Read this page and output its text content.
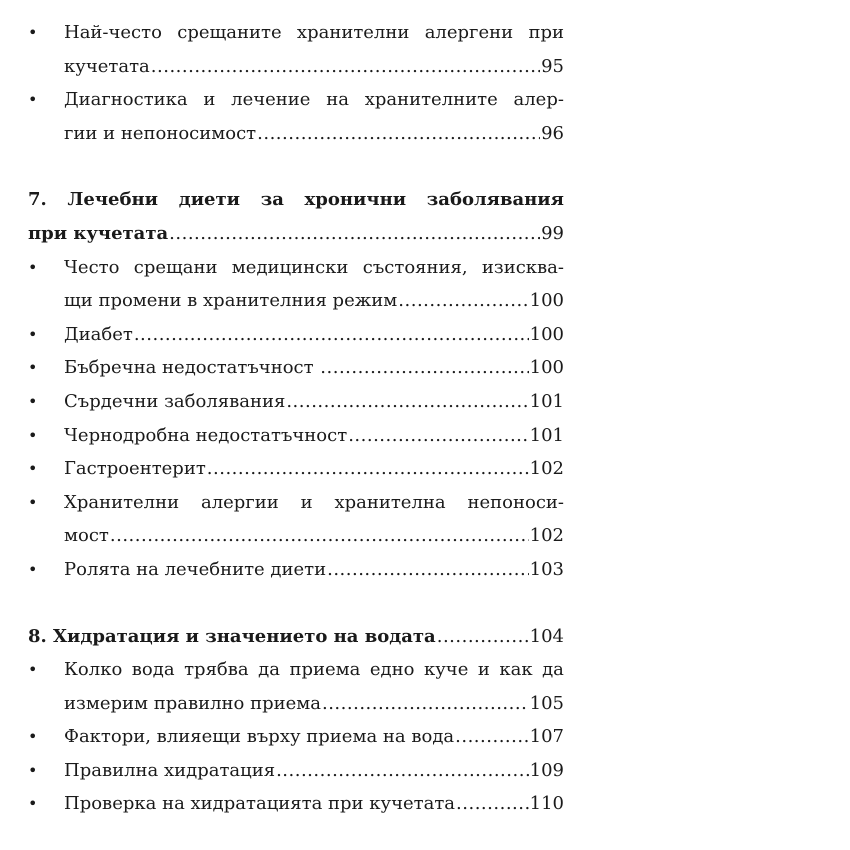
• Най-често срещаните хранителни алергени при
кучетата .....	95
• Диагностика и лечение на хранителните алер-
гии и непоносимост .....	96
7. Лечебни диети за хронични заболявания
при кучетата .....	99
• Често срещани медицински състояния, изисква-
щи промени в хранителния режим .....	100
• Диабет .....	100
• Бъбречна недостатъчност .....	100
• Сърдечни заболявания .....	101
• Чернодробна недостатъчност .....	101
• Гастроентерит .....	102
• Хранителни алергии и хранителна непоноси-
мост .....	102
• Ролята на лечебните диети .....	103
8. Хидратация и значението на водата .....	104
• Колко вода трябва да приема едно куче и как да
измерим правилно приема .....	105
• Фактори, влияещи върху приема на вода .....	107
• Правилна хидратация .....	109
• Проверка на хидратацията при кучетата .....	110
